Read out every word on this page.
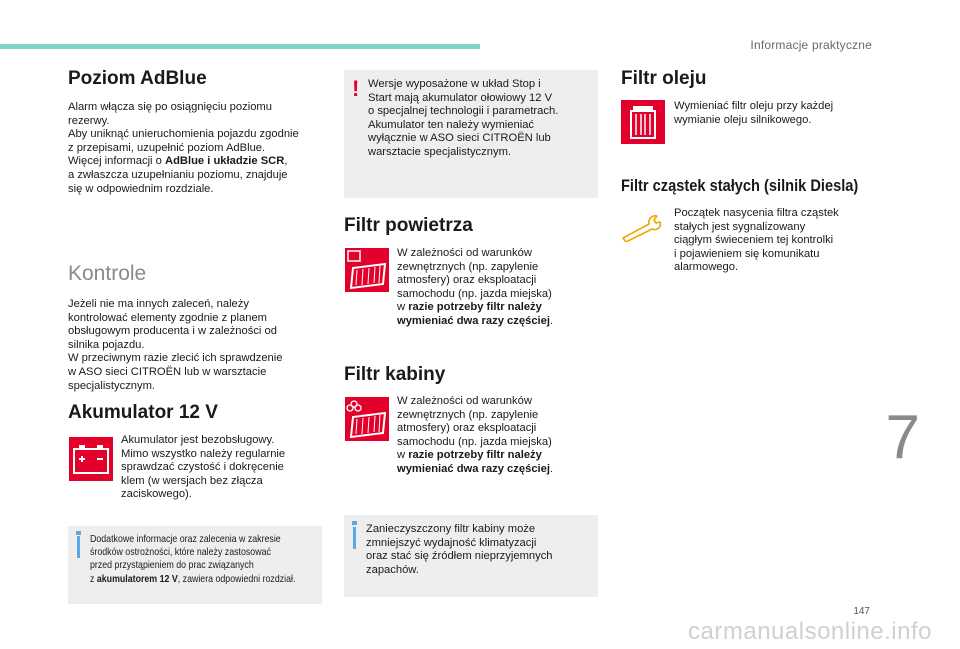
Informacje praktyczne
Poziom AdBlue

Alarm włącza się po osiągnięciu poziomu
rezerwy.
Aby uniknąć unieruchomienia pojazdu zgodnie
z przepisami, uzupełnić poziom AdBlue.
Więcej informacji o AdBlue i układzie SCR,
a zwłaszcza uzupełnianiu poziomu, znajduje
się w odpowiednim rozdziale.

Kontrole

Jeżeli nie ma innych zaleceń, należy
kontrolować elementy zgodnie z planem
obsługowym producenta i w zależności od
silnika pojazdu.
W przeciwnym razie zlecić ich sprawdzenie
w ASO sieci CITROËN lub w warsztacie
specjalistycznym.

Akumulator 12 V

Akumulator jest bezobsługowy.
Mimo wszystko należy regularnie
sprawdzać czystość i dokręcenie
klem (w wersjach bez złącza
zaciskowego).

Dodatkowe informacje oraz zalecenia w zakresie
środków ostrożności, które należy zastosować
przed przystąpieniem do prac związanych
z akumulatorem 12 V, zawiera odpowiedni rozdział.

! Wersje wyposażone w układ Stop i
Start mają akumulator ołowiowy 12 V
o specjalnej technologii i parametrach.
Akumulator ten należy wymieniać
wyłącznie w ASO sieci CITROËN lub
warsztacie specjalistycznym.

Filtr powietrza

W zależności od warunków
zewnętrznych (np. zapylenie
atmosfery) oraz eksploatacji
samochodu (np. jazda miejska)
w razie potrzeby filtr należy
wymieniać dwa razy częściej.

Filtr kabiny

W zależności od warunków
zewnętrznych (np. zapylenie
atmosfery) oraz eksploatacji
samochodu (np. jazda miejska)
w razie potrzeby filtr należy
wymieniać dwa razy częściej.

Zanieczyszczony filtr kabiny może
zmniejszyć wydajność klimatyzacji
oraz stać się źródłem nieprzyjemnych
zapachów.

Filtr oleju

Wymieniać filtr oleju przy każdej
wymianie oleju silnikowego.

Filtr cząstek stałych (silnik Diesla)

Początek nasycenia filtra cząstek
stałych jest sygnalizowany
ciągłym świeceniem tej kontrolki
i pojawieniem się komunikatu
alarmowego.

7
147
carmanualsonline.info
